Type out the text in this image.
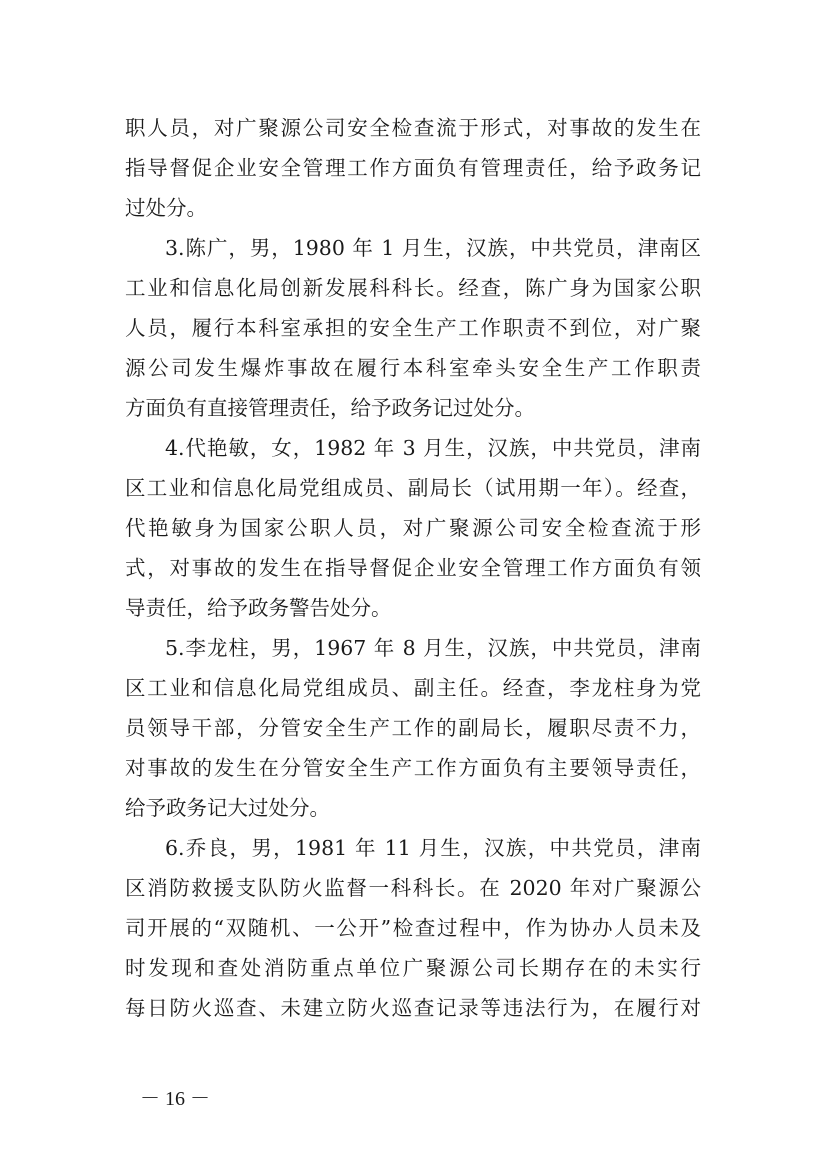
职人员，对广聚源公司安全检查流于形式，对事故的发生在
指导督促企业安全管理工作方面负有管理责任，给予政务记
过处分。
3.陈广，男，1980 年 1 月生，汉族，中共党员，津南区
工业和信息化局创新发展科科长。经查，陈广身为国家公职
人员，履行本科室承担的安全生产工作职责不到位，对广聚
源公司发生爆炸事故在履行本科室牵头安全生产工作职责
方面负有直接管理责任，给予政务记过处分。
4.代艳敏，女，1982 年 3 月生，汉族，中共党员，津南
区工业和信息化局党组成员、副局长（试用期一年）。经查，
代艳敏身为国家公职人员，对广聚源公司安全检查流于形
式，对事故的发生在指导督促企业安全管理工作方面负有领
导责任，给予政务警告处分。
5.李龙柱，男，1967 年 8 月生，汉族，中共党员，津南
区工业和信息化局党组成员、副主任。经查，李龙柱身为党
员领导干部，分管安全生产工作的副局长，履职尽责不力，
对事故的发生在分管安全生产工作方面负有主要领导责任，
给予政务记大过处分。
6.乔良，男，1981 年 11 月生，汉族，中共党员，津南
区消防救援支队防火监督一科科长。在 2020 年对广聚源公
司开展的“双随机、一公开”检查过程中，作为协办人员未及
时发现和查处消防重点单位广聚源公司长期存在的未实行
每日防火巡查、未建立防火巡查记录等违法行为，在履行对
－ 16 －
